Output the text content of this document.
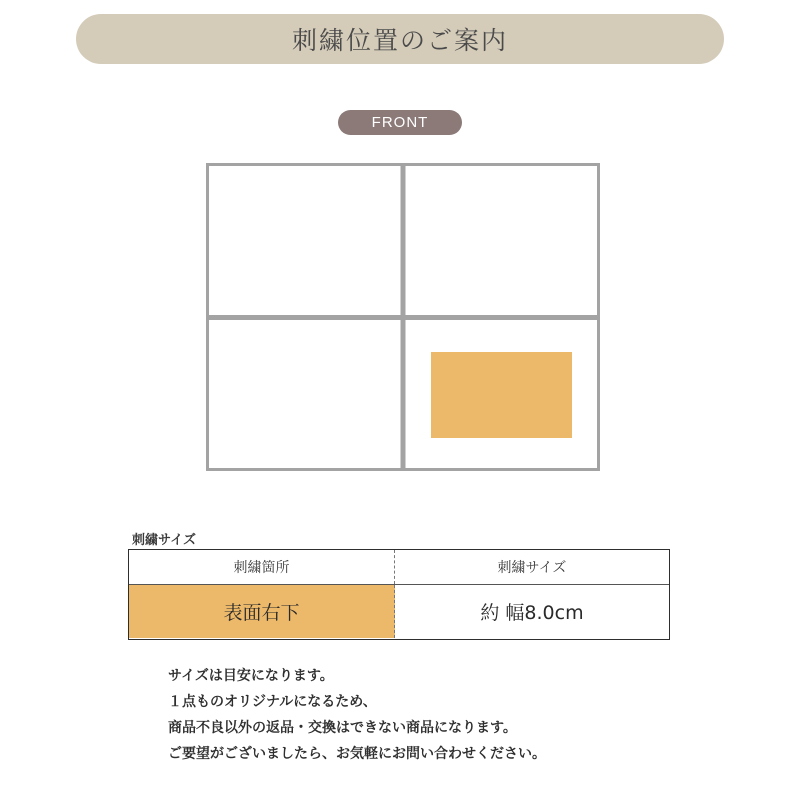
刺繍位置のご案内
FRONT
刺繍サイズ
刺繍箇所	刺繍サイズ
表面右下	約 幅8.0cm
サイズは目安になります。
１点ものオリジナルになるため、
商品不良以外の返品・交換はできない商品になります。
ご要望がございましたら、お気軽にお問い合わせください。
